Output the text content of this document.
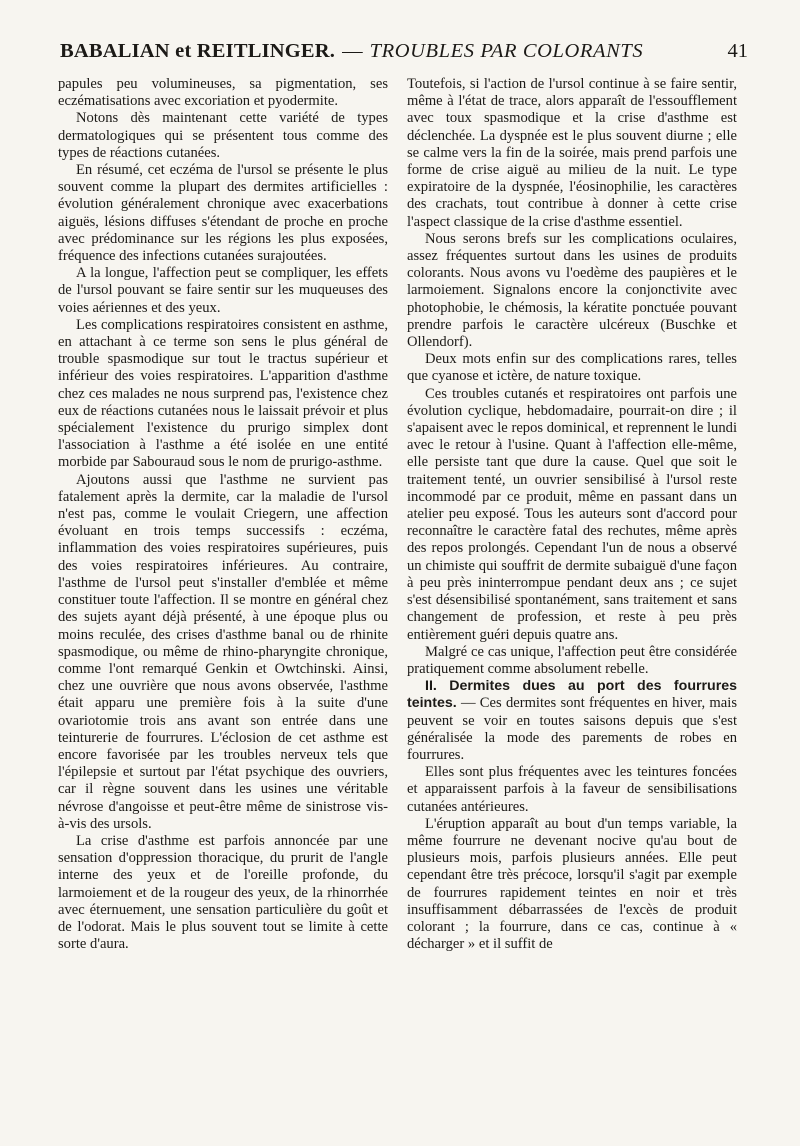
BABALIAN et REITLINGER. — TROUBLES PAR COLORANTS	41

papules peu volumineuses, sa pigmentation, ses eczématisations avec excoriation et pyodermite.

Notons dès maintenant cette variété de types dermatologiques qui se présentent tous comme des types de réactions cutanées.

En résumé, cet eczéma de l'ursol se présente le plus souvent comme la plupart des dermites artificielles : évolution généralement chronique avec exacerbations aiguës, lésions diffuses s'étendant de proche en proche avec prédominance sur les régions les plus exposées, fréquence des infections cutanées surajoutées.

A la longue, l'affection peut se compliquer, les effets de l'ursol pouvant se faire sentir sur les muqueuses des voies aériennes et des yeux.

Les complications respiratoires consistent en asthme, en attachant à ce terme son sens le plus général de trouble spasmodique sur tout le tractus supérieur et inférieur des voies respiratoires. L'apparition d'asthme chez ces malades ne nous surprend pas, l'existence chez eux de réactions cutanées nous le laissait prévoir et plus spécialement l'existence du prurigo simplex dont l'association à l'asthme a été isolée en une entité morbide par Sabouraud sous le nom de prurigo-asthme.

Ajoutons aussi que l'asthme ne survient pas fatalement après la dermite, car la maladie de l'ursol n'est pas, comme le voulait Criegern, une affection évoluant en trois temps successifs : eczéma, inflammation des voies respiratoires supérieures, puis des voies respiratoires inférieures. Au contraire, l'asthme de l'ursol peut s'installer d'emblée et même constituer toute l'affection. Il se montre en général chez des sujets ayant déjà présenté, à une époque plus ou moins reculée, des crises d'asthme banal ou de rhinite spasmodique, ou même de rhino-pharyngite chronique, comme l'ont remarqué Genkin et Owtchinski. Ainsi, chez une ouvrière que nous avons observée, l'asthme était apparu une première fois à la suite d'une ovariotomie trois ans avant son entrée dans une teinturerie de fourrures. L'éclosion de cet asthme est encore favorisée par les troubles nerveux tels que l'épilepsie et surtout par l'état psychique des ouvriers, car il règne souvent dans les usines une véritable névrose d'angoisse et peut-être même de sinistrose vis-à-vis des ursols.

La crise d'asthme est parfois annoncée par une sensation d'oppression thoracique, du prurit de l'angle interne des yeux et de l'oreille profonde, du larmoiement et de la rougeur des yeux, de la rhinorrhée avec éternuement, une sensation particulière du goût et de l'odorat. Mais le plus souvent tout se limite à cette sorte d'aura.

Toutefois, si l'action de l'ursol continue à se faire sentir, même à l'état de trace, alors apparaît de l'essoufflement avec toux spasmodique et la crise d'asthme est déclenchée. La dyspnée est le plus souvent diurne ; elle se calme vers la fin de la soirée, mais prend parfois une forme de crise aiguë au milieu de la nuit. Le type expiratoire de la dyspnée, l'éosinophilie, les caractères des crachats, tout contribue à donner à cette crise l'aspect classique de la crise d'asthme essentiel.

Nous serons brefs sur les complications oculaires, assez fréquentes surtout dans les usines de produits colorants. Nous avons vu l'oedème des paupières et le larmoiement. Signalons encore la conjonctivite avec photophobie, le chémosis, la kératite ponctuée pouvant prendre parfois le caractère ulcéreux (Buschke et Ollendorf).

Deux mots enfin sur des complications rares, telles que cyanose et ictère, de nature toxique.

Ces troubles cutanés et respiratoires ont parfois une évolution cyclique, hebdomadaire, pourrait-on dire ; il s'apaisent avec le repos dominical, et reprennent le lundi avec le retour à l'usine. Quant à l'affection elle-même, elle persiste tant que dure la cause. Quel que soit le traitement tenté, un ouvrier sensibilisé à l'ursol reste incommodé par ce produit, même en passant dans un atelier peu exposé. Tous les auteurs sont d'accord pour reconnaître le caractère fatal des rechutes, même après des repos prolongés. Cependant l'un de nous a observé un chimiste qui souffrit de dermite subaiguë d'une façon à peu près ininterrompue pendant deux ans ; ce sujet s'est désensibilisé spontanément, sans traitement et sans changement de profession, et reste à peu près entièrement guéri depuis quatre ans.

Malgré ce cas unique, l'affection peut être considérée pratiquement comme absolument rebelle.

II. Dermites dues au port des fourrures teintes. — Ces dermites sont fréquentes en hiver, mais peuvent se voir en toutes saisons depuis que s'est généralisée la mode des parements de robes en fourrures.

Elles sont plus fréquentes avec les teintures foncées et apparaissent parfois à la faveur de sensibilisations cutanées antérieures.

L'éruption apparaît au bout d'un temps variable, la même fourrure ne devenant nocive qu'au bout de plusieurs mois, parfois plusieurs années. Elle peut cependant être très précoce, lorsqu'il s'agit par exemple de fourrures rapidement teintes en noir et très insuffisamment débarrassées de l'excès de produit colorant ; la fourrure, dans ce cas, continue à « décharger » et il suffit de
